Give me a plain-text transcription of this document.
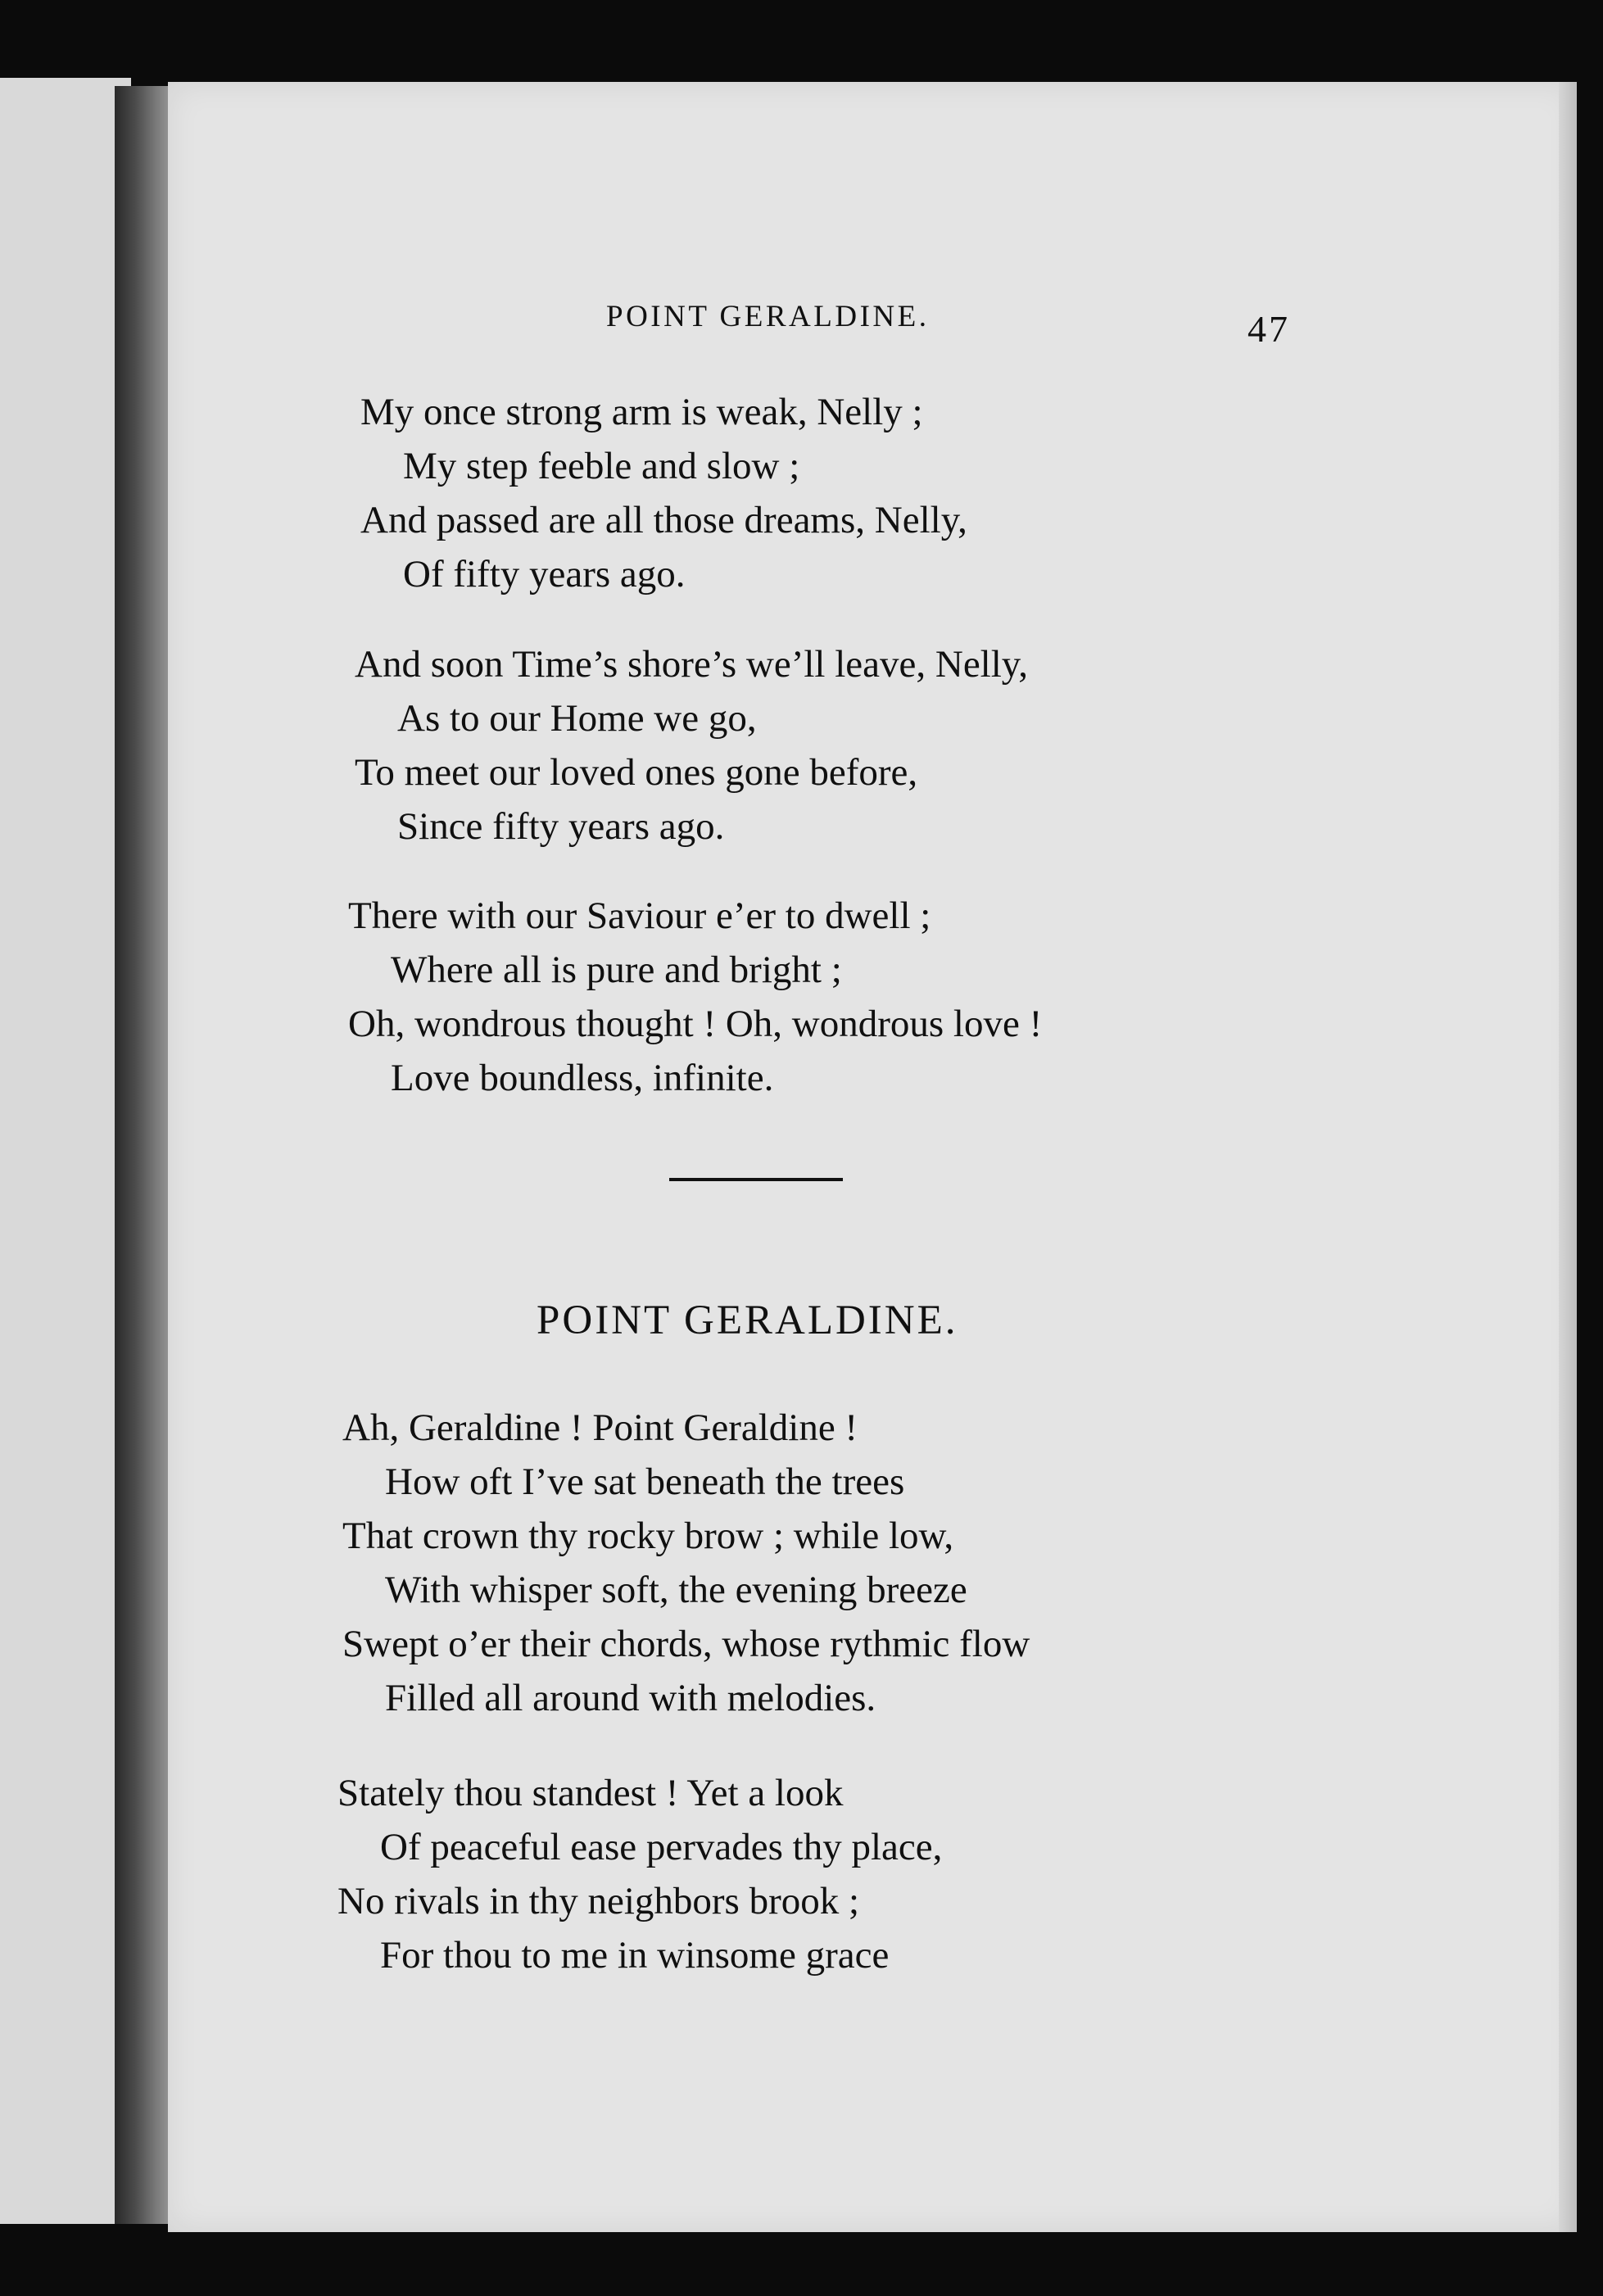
POINT GERALDINE.	47
My once strong arm is weak, Nelly ;
My step feeble and slow ;
And passed are all those dreams, Nelly,
Of fifty years ago.
And soon Time’s shore’s we’ll leave, Nelly,
As to our Home we go,
To meet our loved ones gone before,
Since fifty years ago.
There with our Saviour e’er to dwell ;
Where all is pure and bright ;
Oh, wondrous thought ! Oh, wondrous love !
Love boundless, infinite.
POINT GERALDINE.
Ah, Geraldine ! Point Geraldine !
How oft I’ve sat beneath the trees
That crown thy rocky brow ; while low,
With whisper soft, the evening breeze
Swept o’er their chords, whose rythmic flow
Filled all around with melodies.
Stately thou standest ! Yet a look
Of peaceful ease pervades thy place,
No rivals in thy neighbors brook ;
For thou to me in winsome grace
